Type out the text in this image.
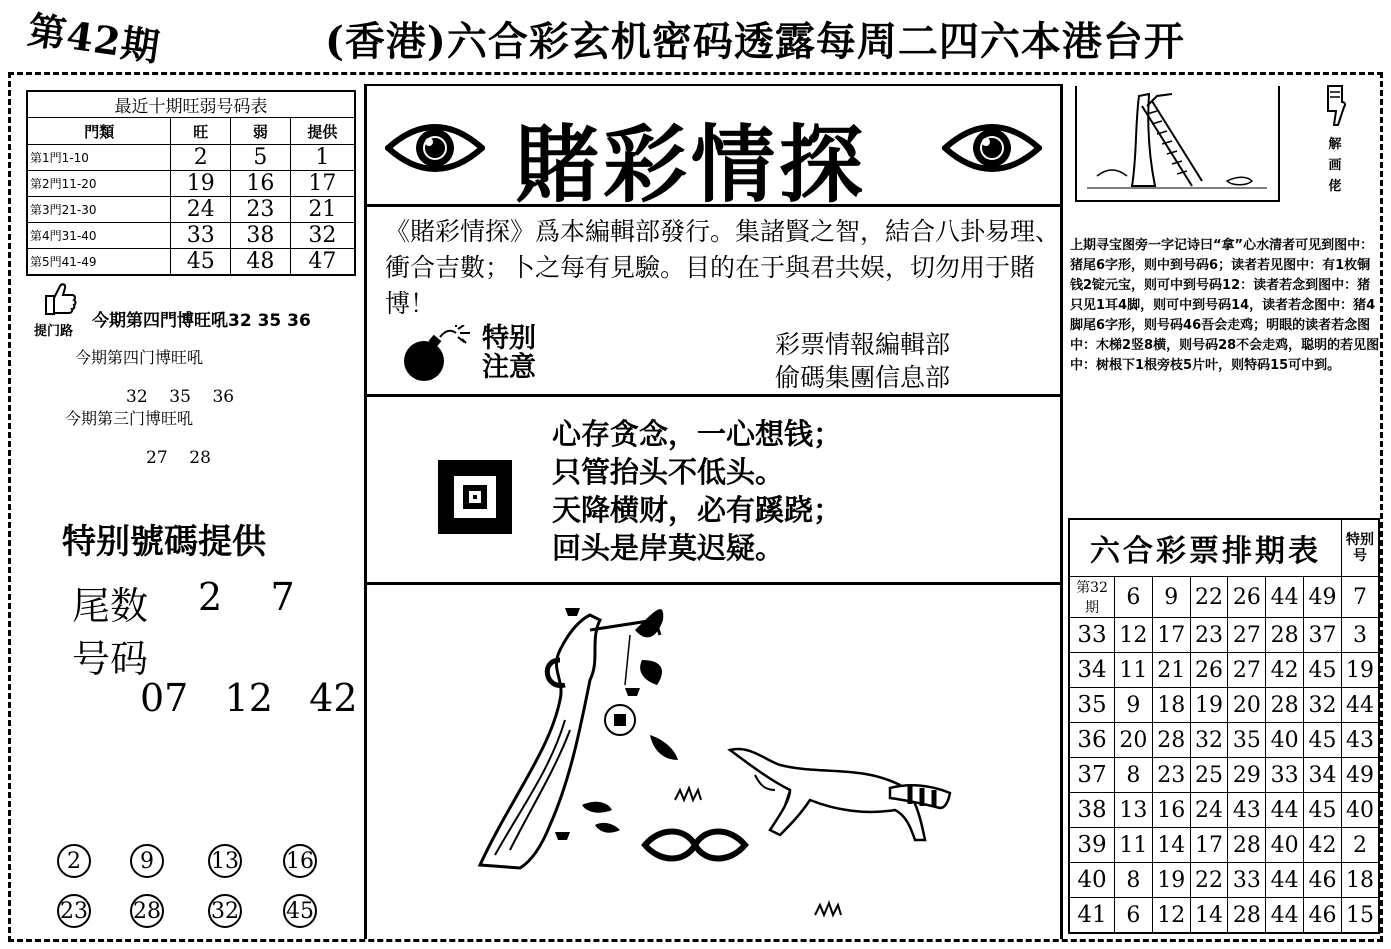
第42期	(香港)六合彩玄机密码透露每周二四六本港台开
最近十期旺弱号码表			
門類	旺	弱	提供
第1門1-10	2	5	1
第2門11-20	19	16	17
第3門21-30	24	23	21
第4門31-40	33	38	32
第5門41-49	45	48	47
提门路
今期第四門博旺吼32 35 36
今期第四门博旺吼
32    35    36
今期第三门博旺吼
27    28
特别號碼提供
尾数 2    7
号码
07   12   42
2	9	13 16
23 28 32 45
賭彩情探
《賭彩情探》爲本編輯部發行。集諸賢之智，結合八卦易理、衝合吉數；卜之每有見驗。目的在于與君共娱，切勿用于賭博！
特别
注意
彩票情報編輯部
偷碼集團信息部
心存贪念，一心想钱；
只管抬头不低头。
天降横财，必有蹊跷；
回头是岸莫迟疑。
解画佬
上期寻宝图旁一字记诗曰“拿”心水清者可见到图中：猪尾6字形，则中到号码6；读者若见图中：有1枚铜钱2锭元宝，则可中到号码12：读者若念到图中：猪只见1耳4脚，则可中到号码14，读者若念图中：猪4脚尾6字形，则号码46吾会走鸡；明眼的读者若念图中：木梯2竖8横，则号码28不会走鸡，聪明的若见图中：树根下1根旁枝5片叶，则特码15可中到。
六合彩票排期表							特别号
第32期	6	9	22	26	44	49	7
33	12	17	23	27	28	37	3
34	11	21	26	27	42	45	19
35	9	18	19	20	28	32	44
36	20	28	32	35	40	45	43
37	8	23	25	29	33	34	49
38	13	16	24	43	44	45	40
39	11	14	17	28	40	42	2
40	8	19	22	33	44	46	18
41	6	12	14	28	44	46	15
